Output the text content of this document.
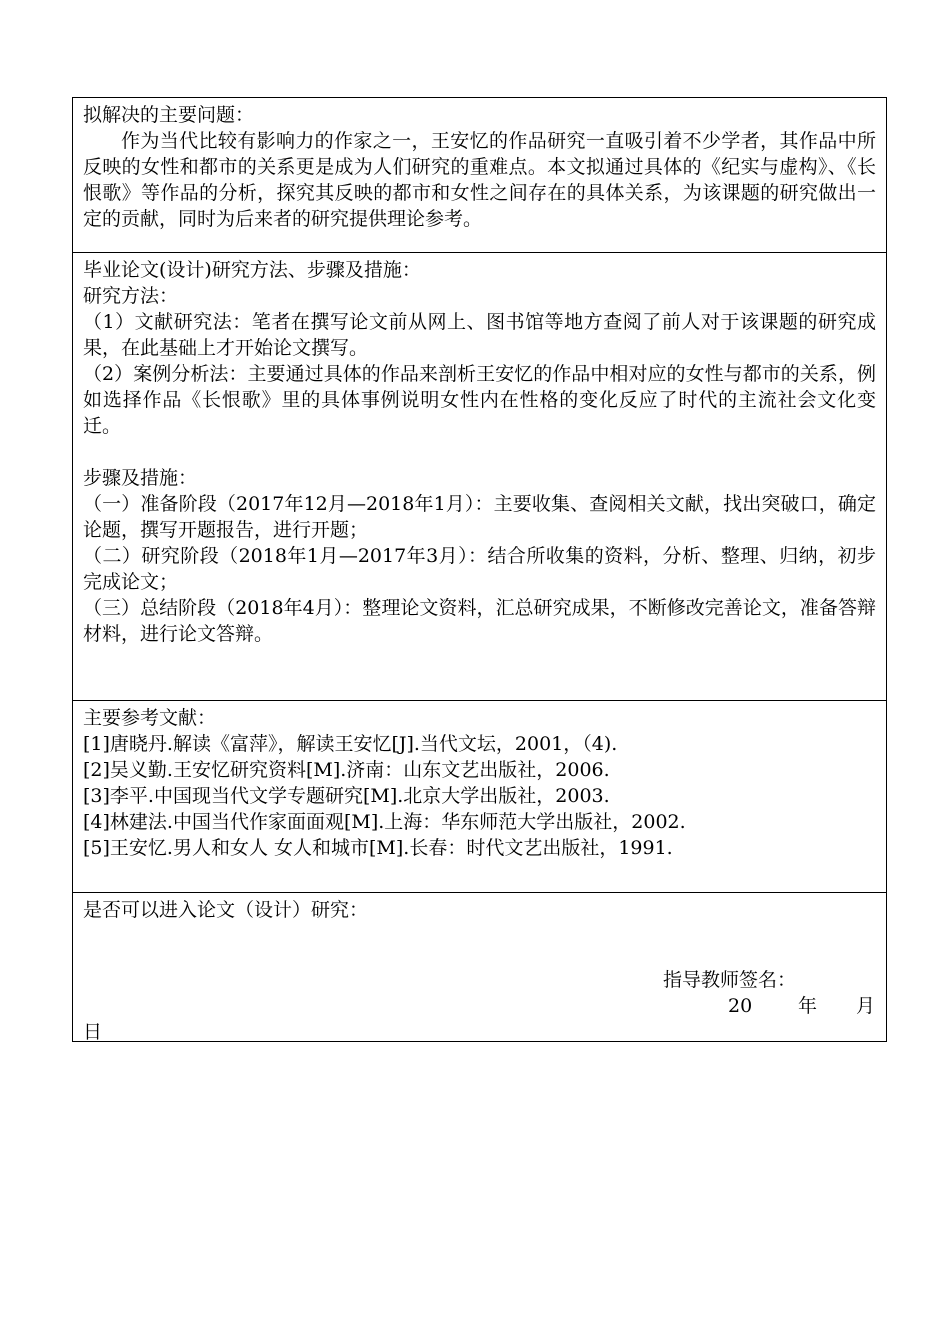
拟解决的主要问题：

作为当代比较有影响力的作家之一，王安忆的作品研究一直吸引着不少学者，其作品中所反映的女性和都市的关系更是成为人们研究的重难点。本文拟通过具体的《纪实与虚构》、《长恨歌》等作品的分析，探究其反映的都市和女性之间存在的具体关系，为该课题的研究做出一定的贡献，同时为后来者的研究提供理论参考。

毕业论文(设计)研究方法、步骤及措施：

研究方法：

（1）文献研究法：笔者在撰写论文前从网上、图书馆等地方查阅了前人对于该课题的研究成果，在此基础上才开始论文撰写。

（2）案例分析法：主要通过具体的作品来剖析王安忆的作品中相对应的女性与都市的关系，例如选择作品《长恨歌》里的具体事例说明女性内在性格的变化反应了时代的主流社会文化变迁。

步骤及措施：

（一）准备阶段（2017年12月—2018年1月）：主要收集、查阅相关文献，找出突破口，确定论题，撰写开题报告，进行开题；

（二）研究阶段（2018年1月—2017年3月）：结合所收集的资料，分析、整理、归纳，初步完成论文；

（三）总结阶段（2018年4月）：整理论文资料，汇总研究成果，不断修改完善论文，准备答辩材料，进行论文答辩。

主要参考文献：

[1]唐晓丹.解读《富萍》，解读王安忆[J].当代文坛，2001，（4).

[2]吴义勤.王安忆研究资料[M].济南：山东文艺出版社，2006.

[3]李平.中国现当代文学专题研究[M].北京大学出版社，2003.

[4]林建法.中国当代作家面面观[M].上海：华东师范大学出版社，2002.

[5]王安忆.男人和女人 女人和城市[M].长春：时代文艺出版社，1991.

是否可以进入论文（设计）研究：

指导教师签名：
20 年 月
日
